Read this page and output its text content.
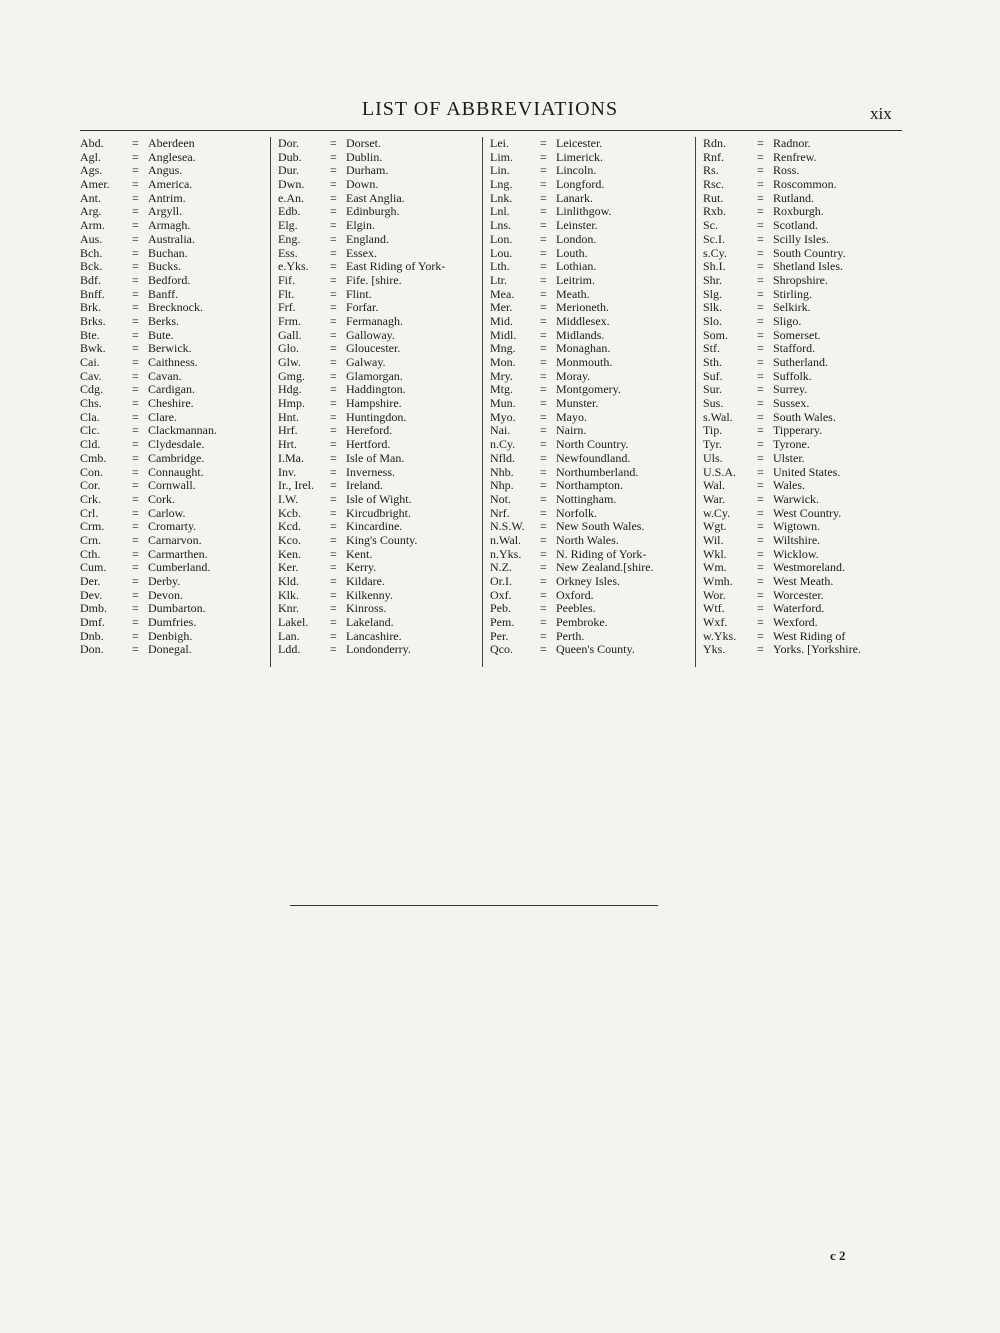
LIST OF ABBREVIATIONS	xix
Abd.	= Aberdeen
Agl.	= Anglesea.
Ags.	= Angus.
Amer.	= America.
Ant.	= Antrim.
Arg.	= Argyll.
Arm.	= Armagh.
Aus.	= Australia.
Bch.	= Buchan.
Bck.	= Bucks.
Bdf.	= Bedford.
Bnff.	= Banff.
Brk.	= Brecknock.
Brks.	= Berks.
Bte.	= Bute.
Bwk.	= Berwick.
Cai.	= Caithness.
Cav.	= Cavan.
Cdg.	= Cardigan.
Chs.	= Cheshire.
Cla.	= Clare.
Clc.	= Clackmannan.
Cld.	= Clydesdale.
Cmb.	= Cambridge.
Con.	= Connaught.
Cor.	= Cornwall.
Crk.	= Cork.
Crl.	= Carlow.
Crm.	= Cromarty.
Crn.	= Carnarvon.
Cth.	= Carmarthen.
Cum.	= Cumberland.
Der.	= Derby.
Dev.	= Devon.
Dmb.	= Dumbarton.
Dmf.	= Dumfries.
Dnb.	= Denbigh.
Don.	= Donegal.
Dor.	= Dorset.
Dub.	= Dublin.
Dur.	= Durham.
Dwn.	= Down.
e.An.	= East Anglia.
Edb.	= Edinburgh.
Elg.	= Elgin.
Eng.	= England.
Ess.	= Essex.
e.Yks.	= East Riding of York-
Fif.	= Fife. [shire.
Flt.	= Flint.
Frf.	= Forfar.
Frm.	= Fermanagh.
Gall.	= Galloway.
Glo.	= Gloucester.
Glw.	= Galway.
Gmg.	= Glamorgan.
Hdg.	= Haddington.
Hmp.	= Hampshire.
Hnt.	= Huntingdon.
Hrf.	= Hereford.
Hrt.	= Hertford.
I.Ma.	= Isle of Man.
Inv.	= Inverness.
Ir., Irel.	= Ireland.
I.W.	= Isle of Wight.
Kcb.	= Kircudbright.
Kcd.	= Kincardine.
Kco.	= King's County.
Ken.	= Kent.
Ker.	= Kerry.
Kld.	= Kildare.
Klk.	= Kilkenny.
Knr.	= Kinross.
Lakel.	= Lakeland.
Lan.	= Lancashire.
Ldd.	= Londonderry.
Lei.	= Leicester.
Lim.	= Limerick.
Lin.	= Lincoln.
Lng.	= Longford.
Lnk.	= Lanark.
Lnl.	= Linlithgow.
Lns.	= Leinster.
Lon.	= London.
Lou.	= Louth.
Lth.	= Lothian.
Ltr.	= Leitrim.
Mea.	= Meath.
Mer.	= Merioneth.
Mid.	= Middlesex.
Midl.	= Midlands.
Mng.	= Monaghan.
Mon.	= Monmouth.
Mry.	= Moray.
Mtg.	= Montgomery.
Mun.	= Munster.
Myo.	= Mayo.
Nai.	= Nairn.
n.Cy.	= North Country.
Nfld.	= Newfoundland.
Nhb.	= Northumberland.
Nhp.	= Northampton.
Not.	= Nottingham.
Nrf.	= Norfolk.
N.S.W.	= New South Wales.
n.Wal.	= North Wales.
n.Yks.	= N. Riding of York-
N.Z.	= New Zealand.[shire.
Or.I.	= Orkney Isles.
Oxf.	= Oxford.
Peb.	= Peebles.
Pem.	= Pembroke.
Per.	= Perth.
Qco.	= Queen's County.
Rdn.	= Radnor.
Rnf.	= Renfrew.
Rs.	= Ross.
Rsc.	= Roscommon.
Rut.	= Rutland.
Rxb.	= Roxburgh.
Sc.	= Scotland.
Sc.I.	= Scilly Isles.
s.Cy.	= South Country.
Sh.I.	= Shetland Isles.
Shr.	= Shropshire.
Slg.	= Stirling.
Slk.	= Selkirk.
Slo.	= Sligo.
Som.	= Somerset.
Stf.	= Stafford.
Sth.	= Sutherland.
Suf.	= Suffolk.
Sur.	= Surrey.
Sus.	= Sussex.
s.Wal.	= South Wales.
Tip.	= Tipperary.
Tyr.	= Tyrone.
Uls.	= Ulster.
U.S.A.	= United States.
Wal.	= Wales.
War.	= Warwick.
w.Cy.	= West Country.
Wgt.	= Wigtown.
Wil.	= Wiltshire.
Wkl.	= Wicklow.
Wm.	= Westmoreland.
Wmh.	= West Meath.
Wor.	= Worcester.
Wtf.	= Waterford.
Wxf.	= Wexford.
w.Yks.	= West Riding of
Yks.	= Yorks. [Yorkshire.
c 2
